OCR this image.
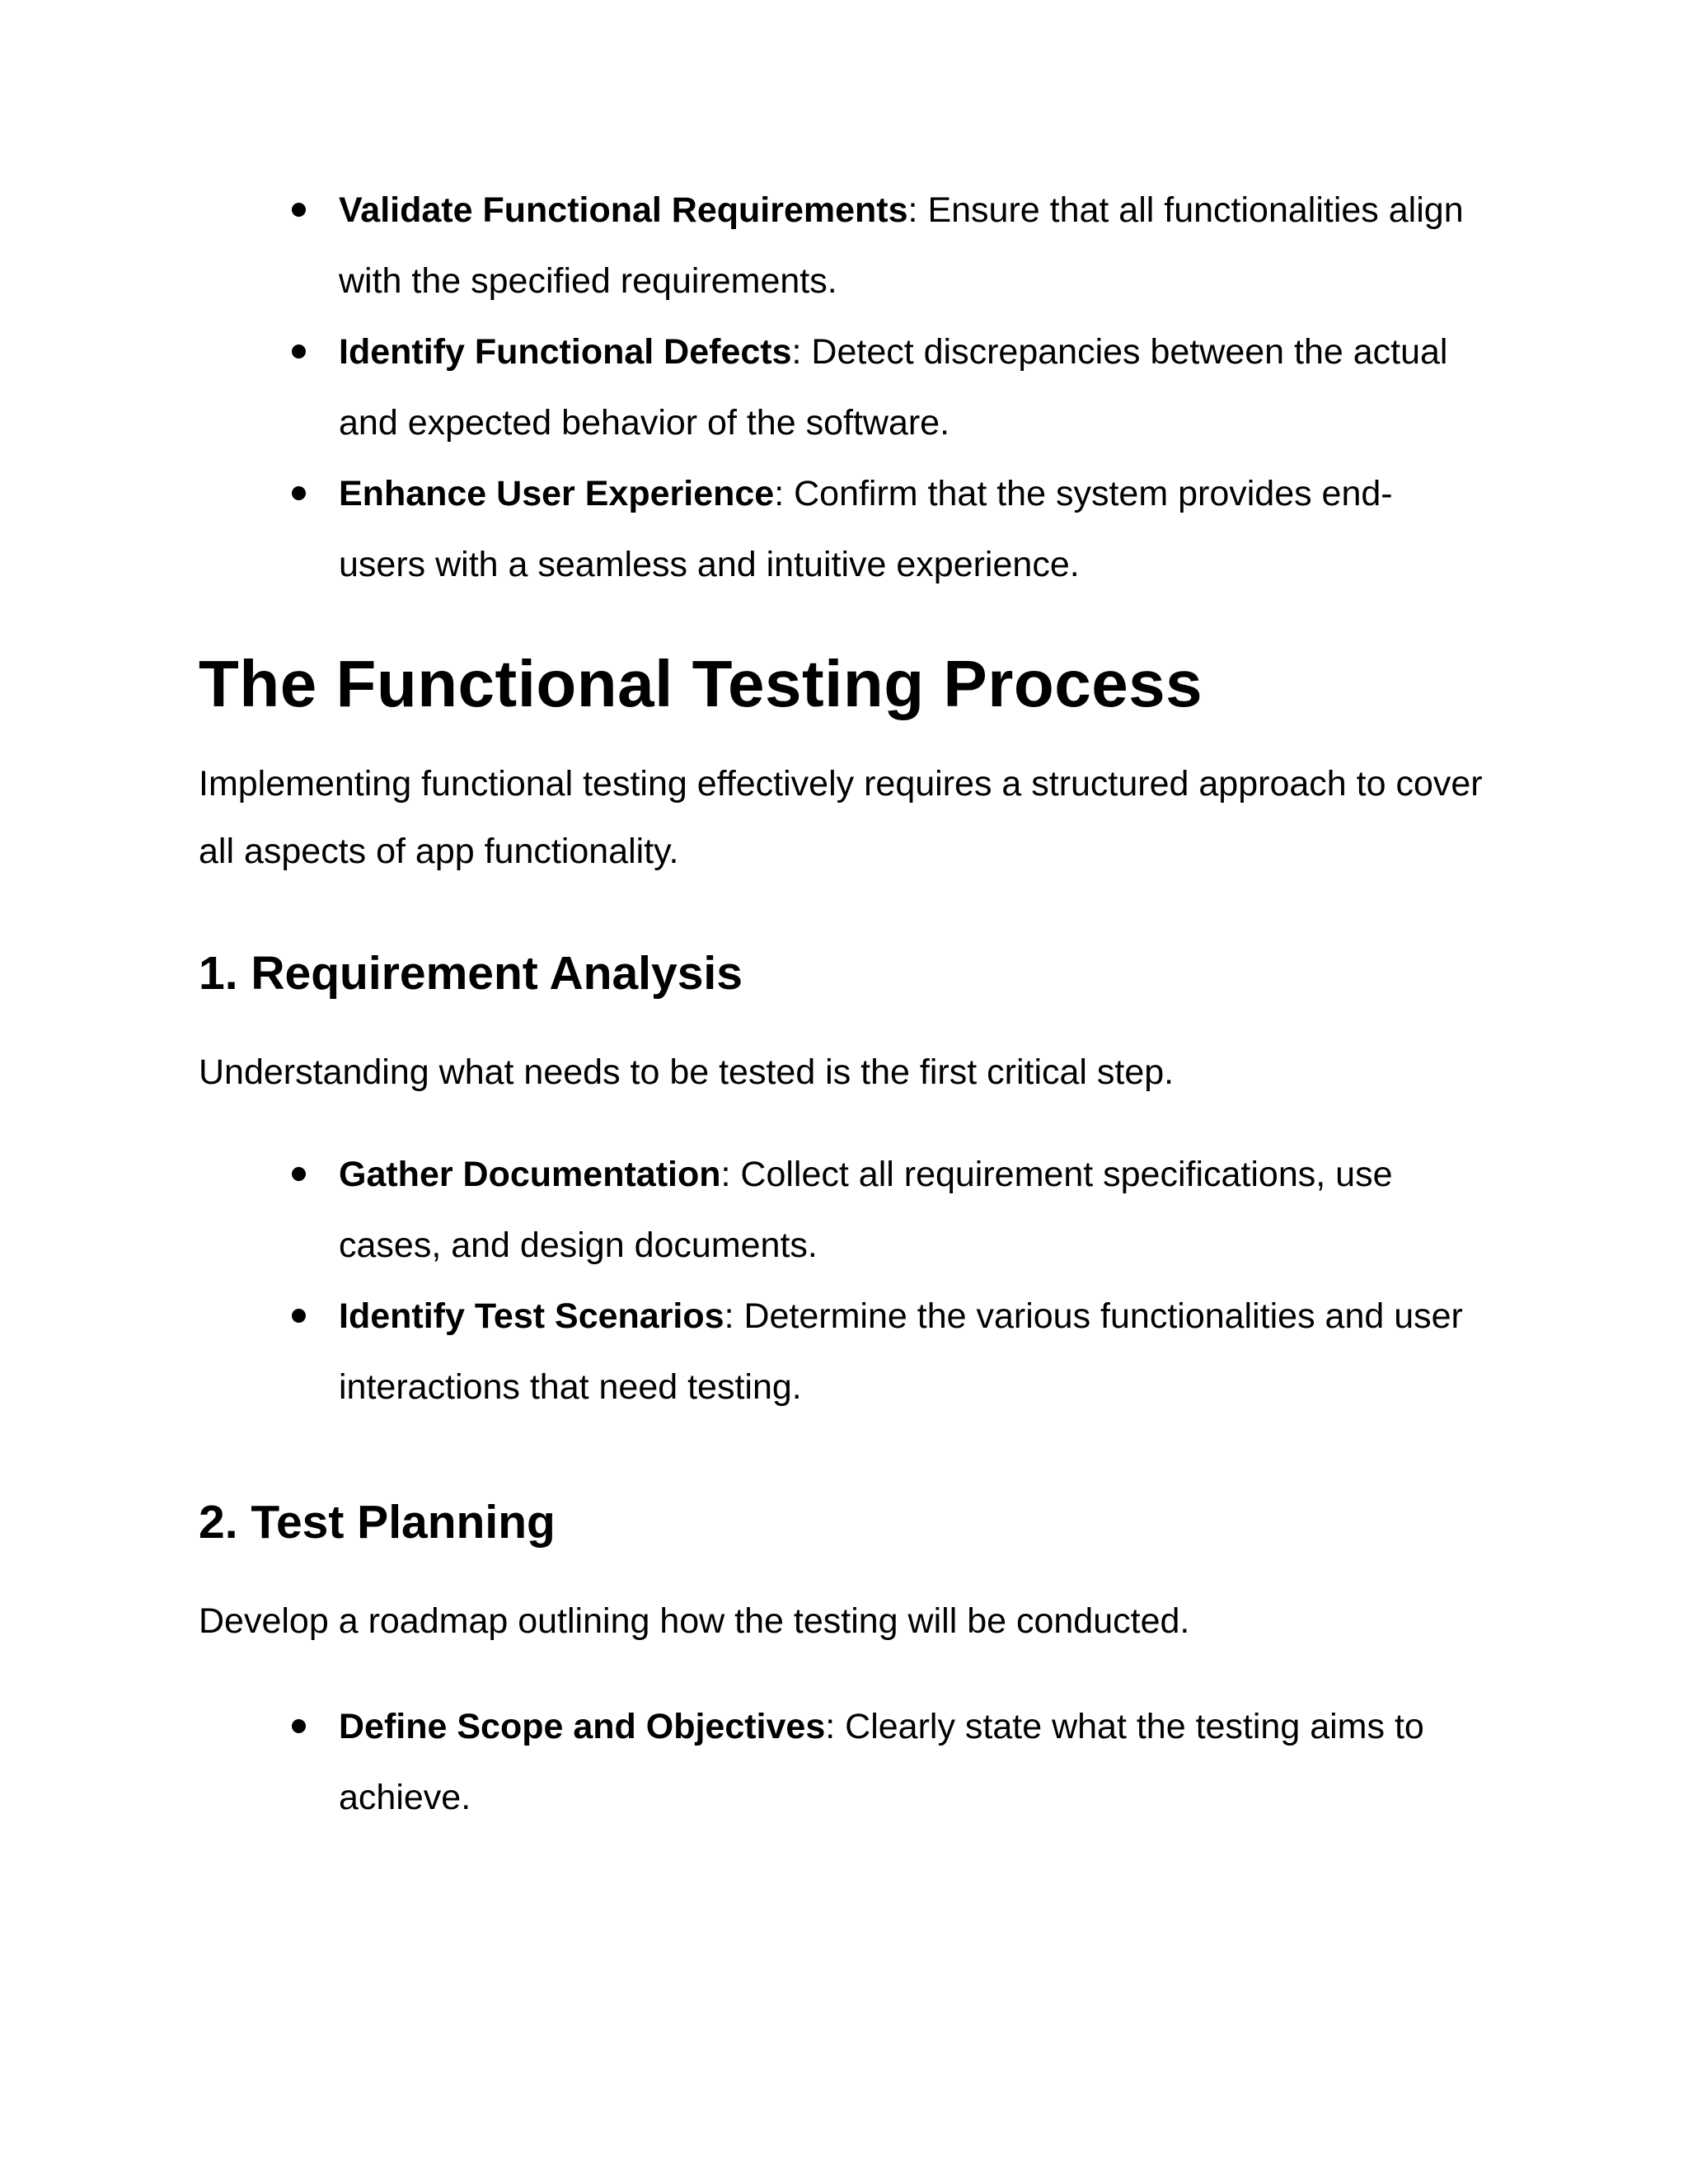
Validate Functional Requirements: Ensure that all functionalities align with the specified requirements.
Identify Functional Defects: Detect discrepancies between the actual and expected behavior of the software.
Enhance User Experience: Confirm that the system provides end-users with a seamless and intuitive experience.
The Functional Testing Process

Implementing functional testing effectively requires a structured approach to cover all aspects of app functionality.

1. Requirement Analysis

Understanding what needs to be tested is the first critical step.

Gather Documentation: Collect all requirement specifications, use cases, and design documents.
Identify Test Scenarios: Determine the various functionalities and user interactions that need testing.
2. Test Planning

Develop a roadmap outlining how the testing will be conducted.

Define Scope and Objectives: Clearly state what the testing aims to achieve.
